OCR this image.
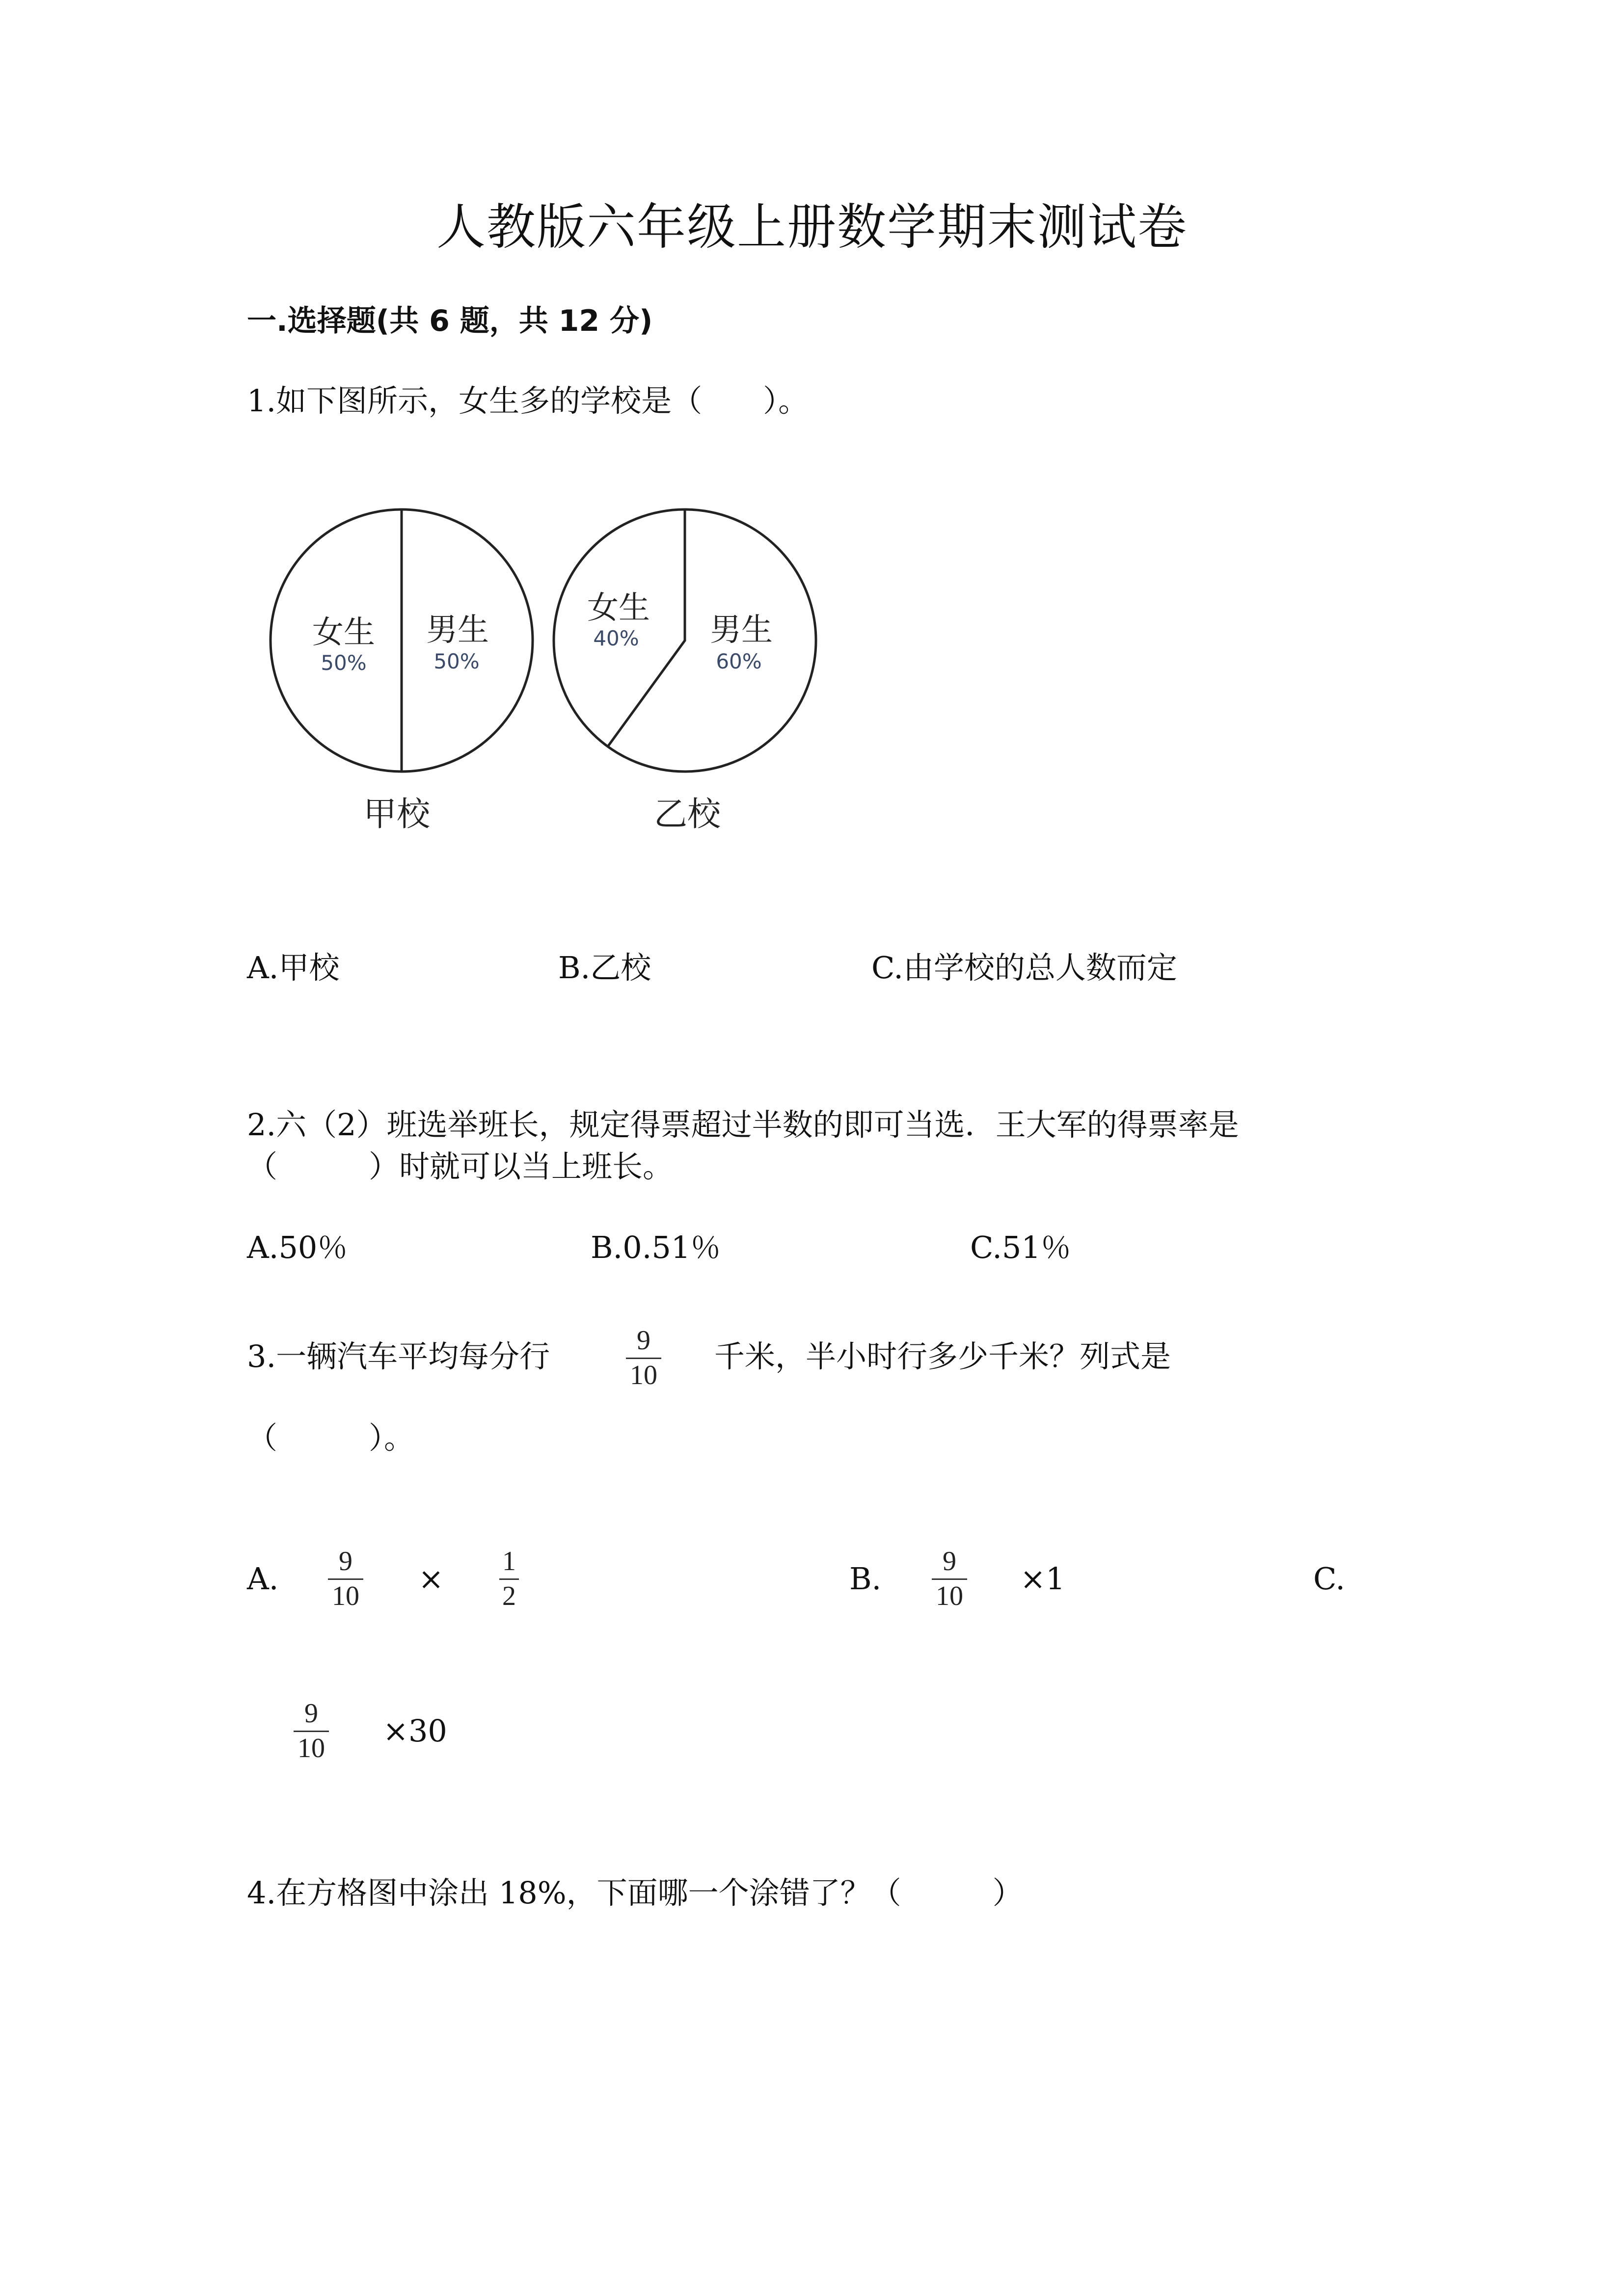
人教版六年级上册数学期末测试卷
一.选择题(共 6 题，共 12 分)
1.如下图所示，女生多的学校是（　　）。
女生
50%
男生
50%
甲校
女生
40% 男生
60%
乙校
A.甲校	B.乙校	C.由学校的总人数而定
2.六（2）班选举班长，规定得票超过半数的即可当选．王大军的得票率是
（　　　）时就可以当上班长。
A.50％	B.0.51％	C.51％
3.一辆汽车平均每分行	9
10
千米，半小时行多少千米？列式是
（　　　）。
A. 9
10 × 1
2	B. 9
10 ×1	C.
9
10 ×30
4.在方格图中涂出 18%，下面哪一个涂错了？（　　　）
